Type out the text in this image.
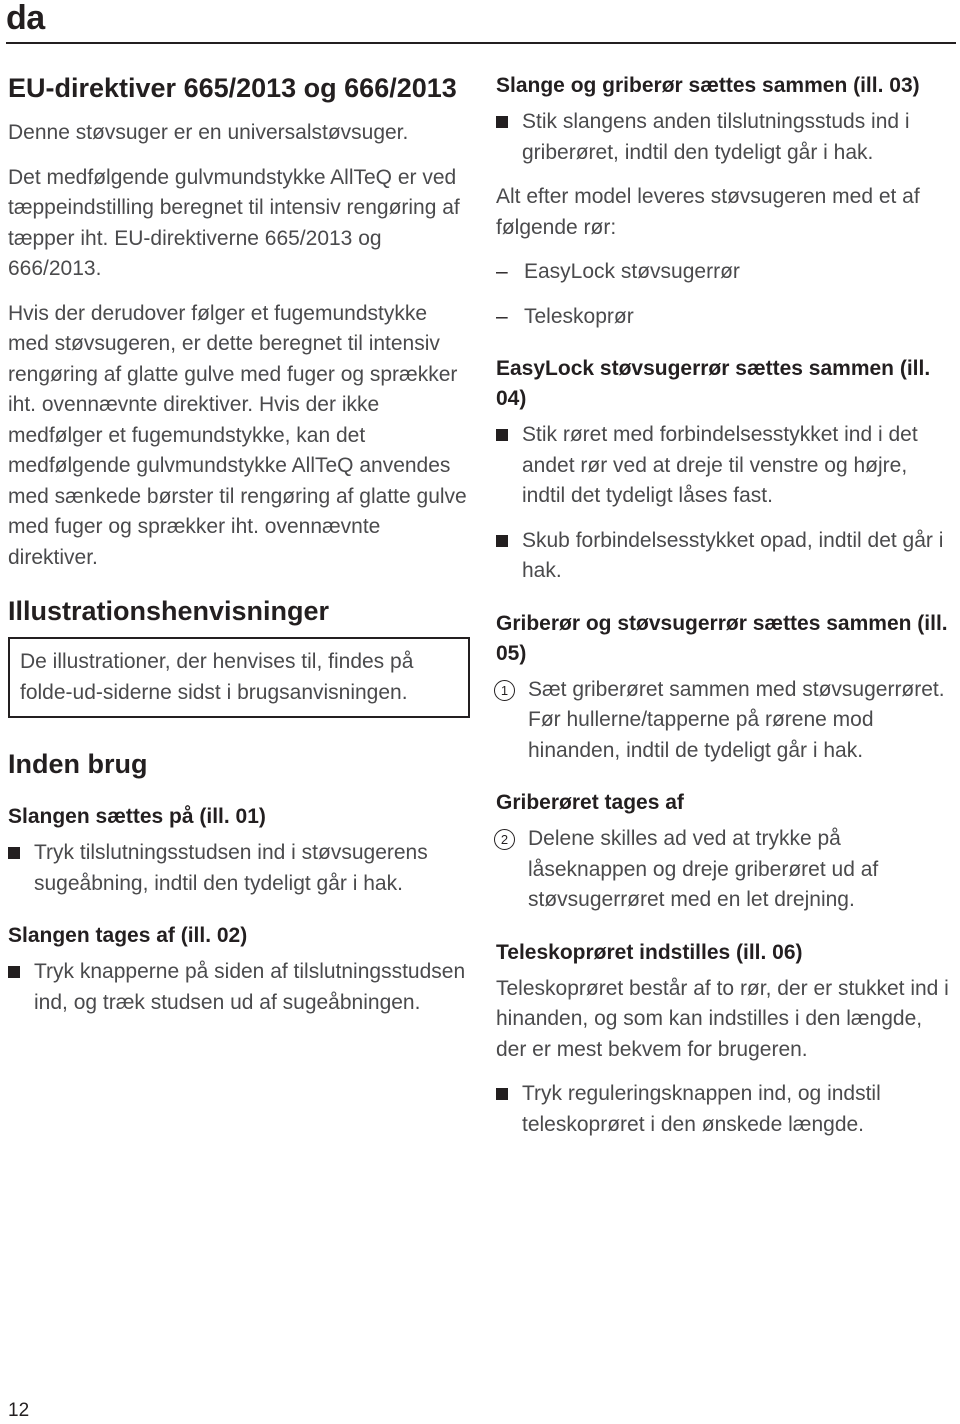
da
EU-direktiver 665/2013 og 666/2013

Denne støvsuger er en universalstøvsuger.

Det medfølgende gulvmundstykke AllTeQ er ved tæppeindstilling beregnet til intensiv rengøring af tæpper iht. EU-direktiverne 665/2013 og 666/2013.

Hvis der derudover følger et fugemundstykke med støvsugeren, er dette beregnet til intensiv rengøring af glatte gulve med fuger og sprækker iht. ovennævnte direktiver. Hvis der ikke medfølger et fugemundstykke, kan det medfølgende gulvmundstykke AllTeQ anvendes med sænkede børster til rengøring af glatte gulve med fuger og sprækker iht. ovennævnte direktiver.

Illustrationshenvisninger

De illustrationer, der henvises til, findes på folde-ud-siderne sidst i brugsanvisningen.

Inden brug
Slangen sættes på (ill. 01)
Tryk tilslutningsstudsen ind i støvsugerens sugeåbning, indtil den tydeligt går i hak.
Slangen tages af (ill. 02)
Tryk knapperne på siden af tilslutningsstudsen ind, og træk studsen ud af sugeåbningen.
Slange og griberør sættes sammen (ill. 03)
Stik slangens anden tilslutningsstuds ind i griberøret, indtil den tydeligt går i hak.

Alt efter model leveres støvsugeren med et af følgende rør:

– EasyLock støvsugerrør
– Teleskoprør
EasyLock støvsugerrør sættes sammen (ill. 04)
Stik røret med forbindelsesstykket ind i det andet rør ved at dreje til venstre og højre, indtil det tydeligt låses fast.
Skub forbindelsesstykket opad, indtil det går i hak.
Griberør og støvsugerrør sættes sammen (ill. 05)
1 Sæt griberøret sammen med støvsugerrøret. Før hullerne/tapperne på rørene mod hinanden, indtil de tydeligt går i hak.
Griberøret tages af
2 Delene skilles ad ved at trykke på låseknappen og dreje griberøret ud af støvsugerrøret med en let drejning.
Teleskoprøret indstilles (ill. 06)

Teleskoprøret består af to rør, der er stukket ind i hinanden, og som kan indstilles i den længde, der er mest bekvem for brugeren.

Tryk reguleringsknappen ind, og indstil teleskoprøret i den ønskede længde.
12
